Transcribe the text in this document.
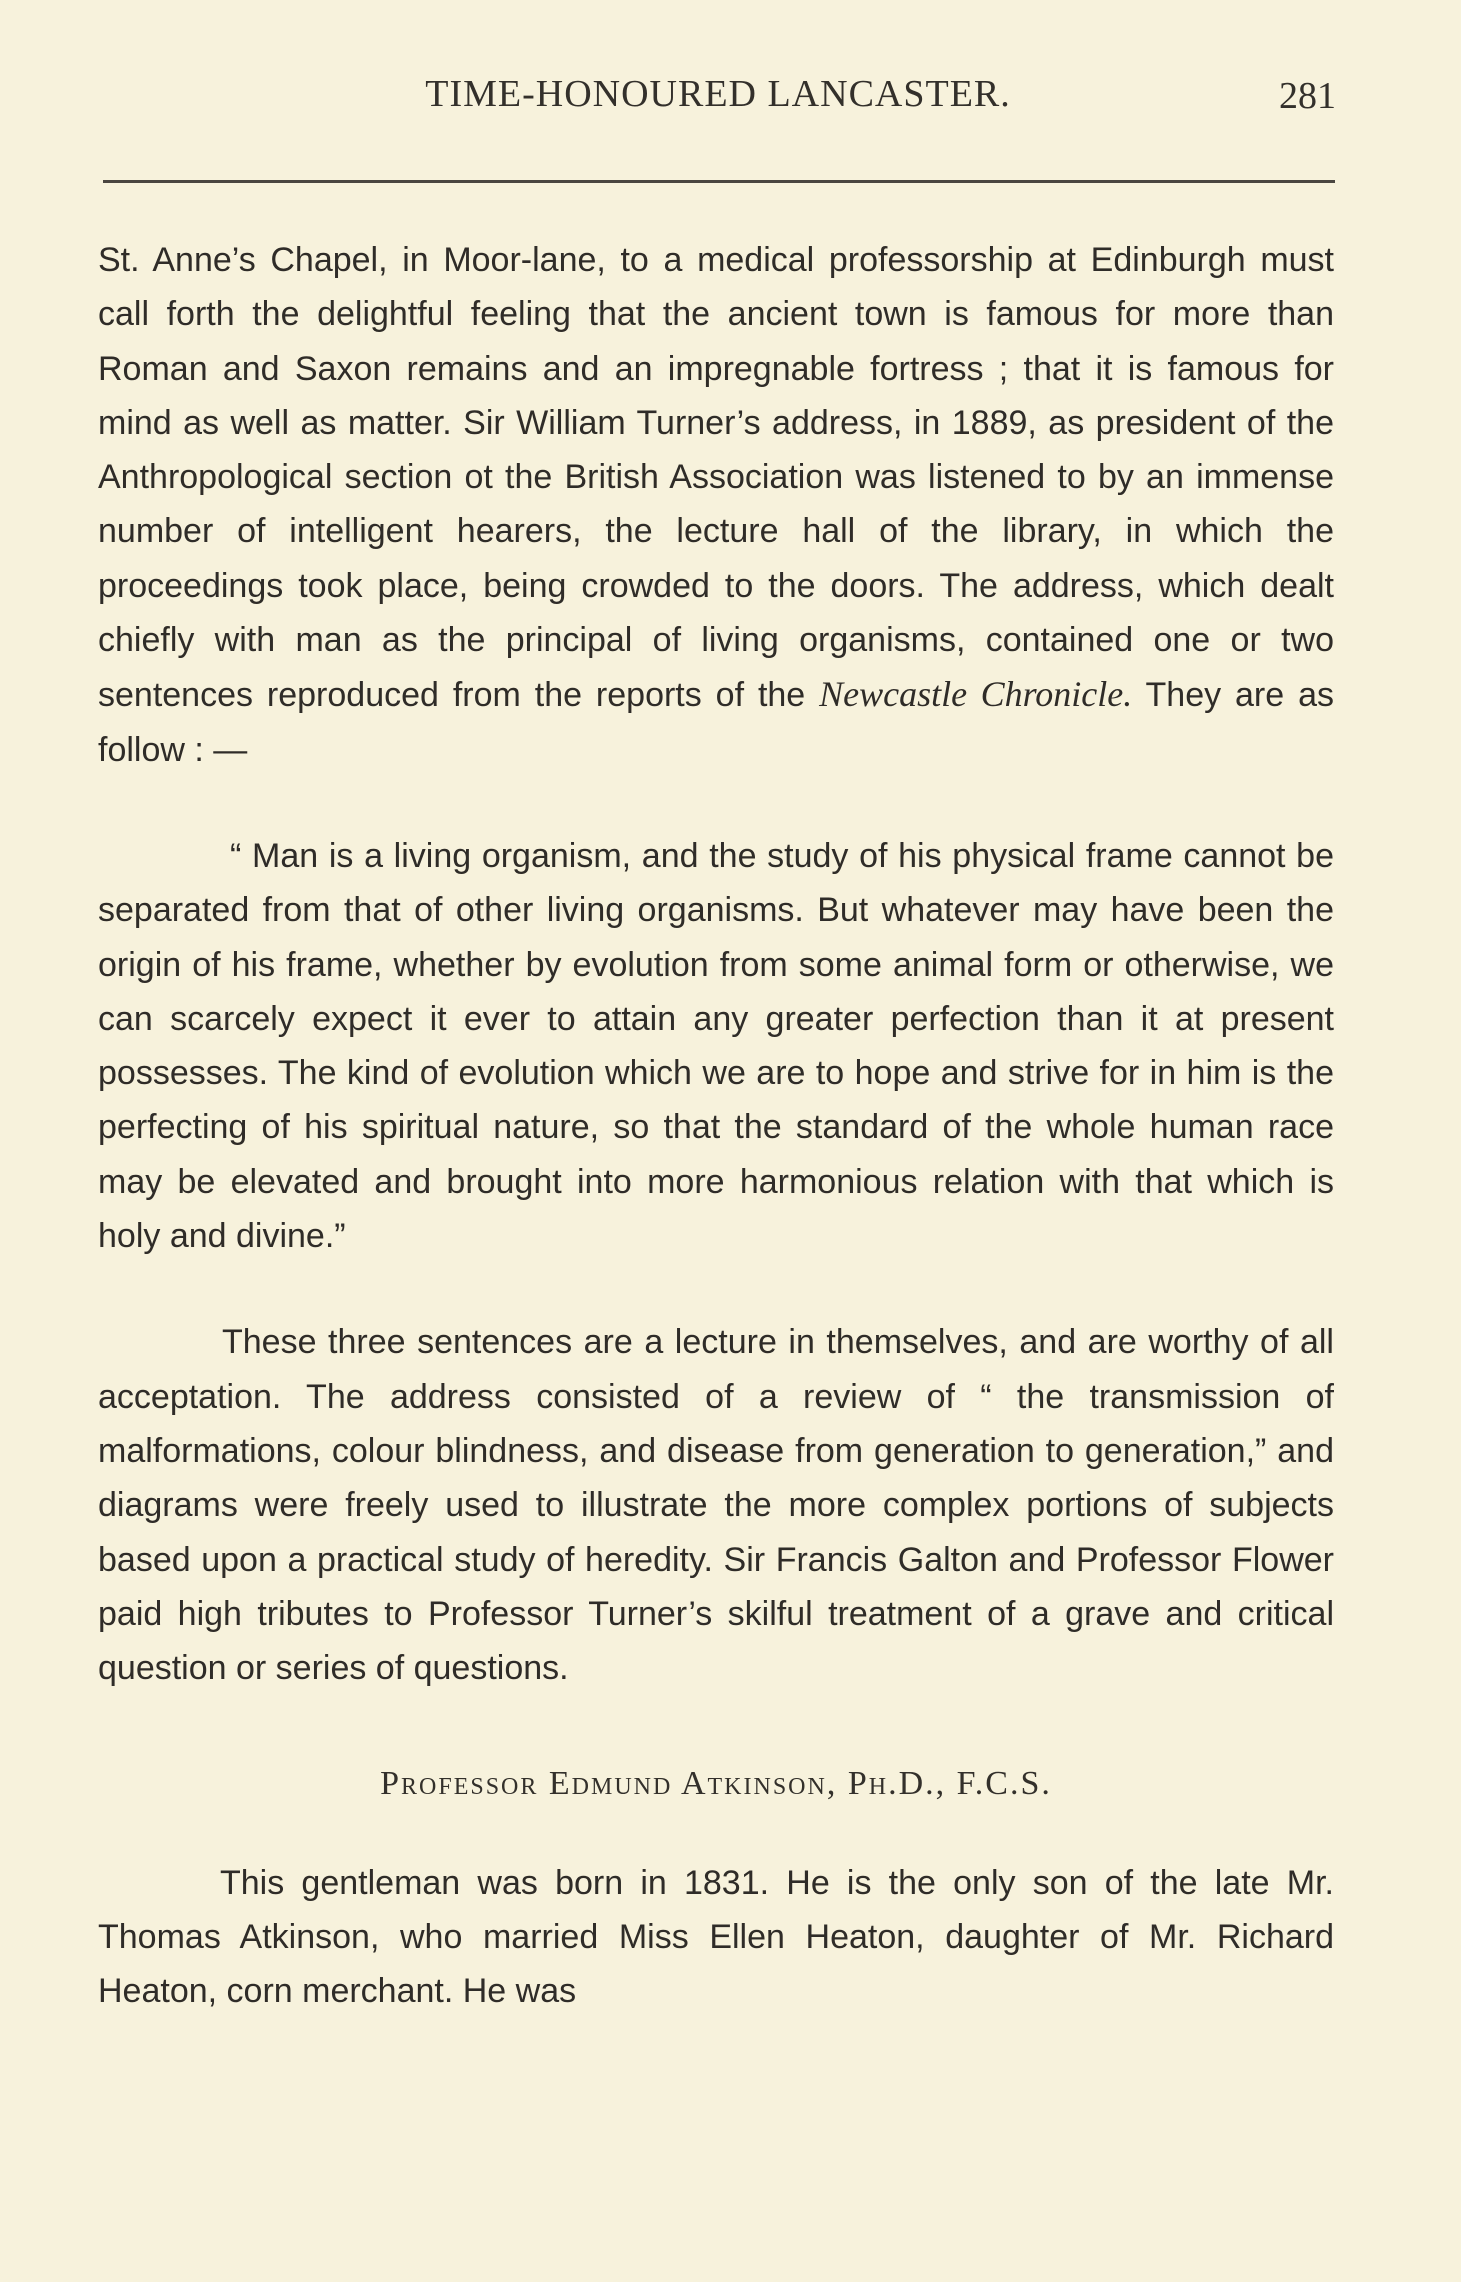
TIME-HONOURED LANCASTER.	281

St. Anne’s Chapel, in Moor-lane, to a medical professorship at Edinburgh must call forth the delightful feeling that the ancient town is famous for more than Roman and Saxon remains and an impregnable fortress ; that it is famous for mind as well as matter. Sir William Turner’s address, in 1889, as president of the Anthropological section ot the British Association was listened to by an immense number of intelligent hearers, the lecture hall of the library, in which the proceedings took place, being crowded to the doors. The address, which dealt chiefly with man as the principal of living organisms, contained one or two sentences reproduced from the reports of the Newcastle Chronicle. They are as follow : —

“ Man is a living organism, and the study of his physical frame cannot be separated from that of other living organisms. But whatever may have been the origin of his frame, whether by evolution from some animal form or otherwise, we can scarcely expect it ever to attain any greater perfection than it at present possesses. The kind of evolution which we are to hope and strive for in him is the perfecting of his spiritual nature, so that the standard of the whole human race may be elevated and brought into more harmonious relation with that which is holy and divine.”

These three sentences are a lecture in themselves, and are worthy of all acceptation. The address consisted of a review of “ the transmission of malformations, colour blindness, and disease from generation to generation,” and diagrams were freely used to illustrate the more complex portions of subjects based upon a practical study of heredity. Sir Francis Galton and Professor Flower paid high tributes to Professor Turner’s skilful treatment of a grave and critical question or series of questions.

Professor Edmund Atkinson, Ph.D., F.C.S.

This gentleman was born in 1831. He is the only son of the late Mr. Thomas Atkinson, who married Miss Ellen Heaton, daughter of Mr. Richard Heaton, corn merchant. He was
